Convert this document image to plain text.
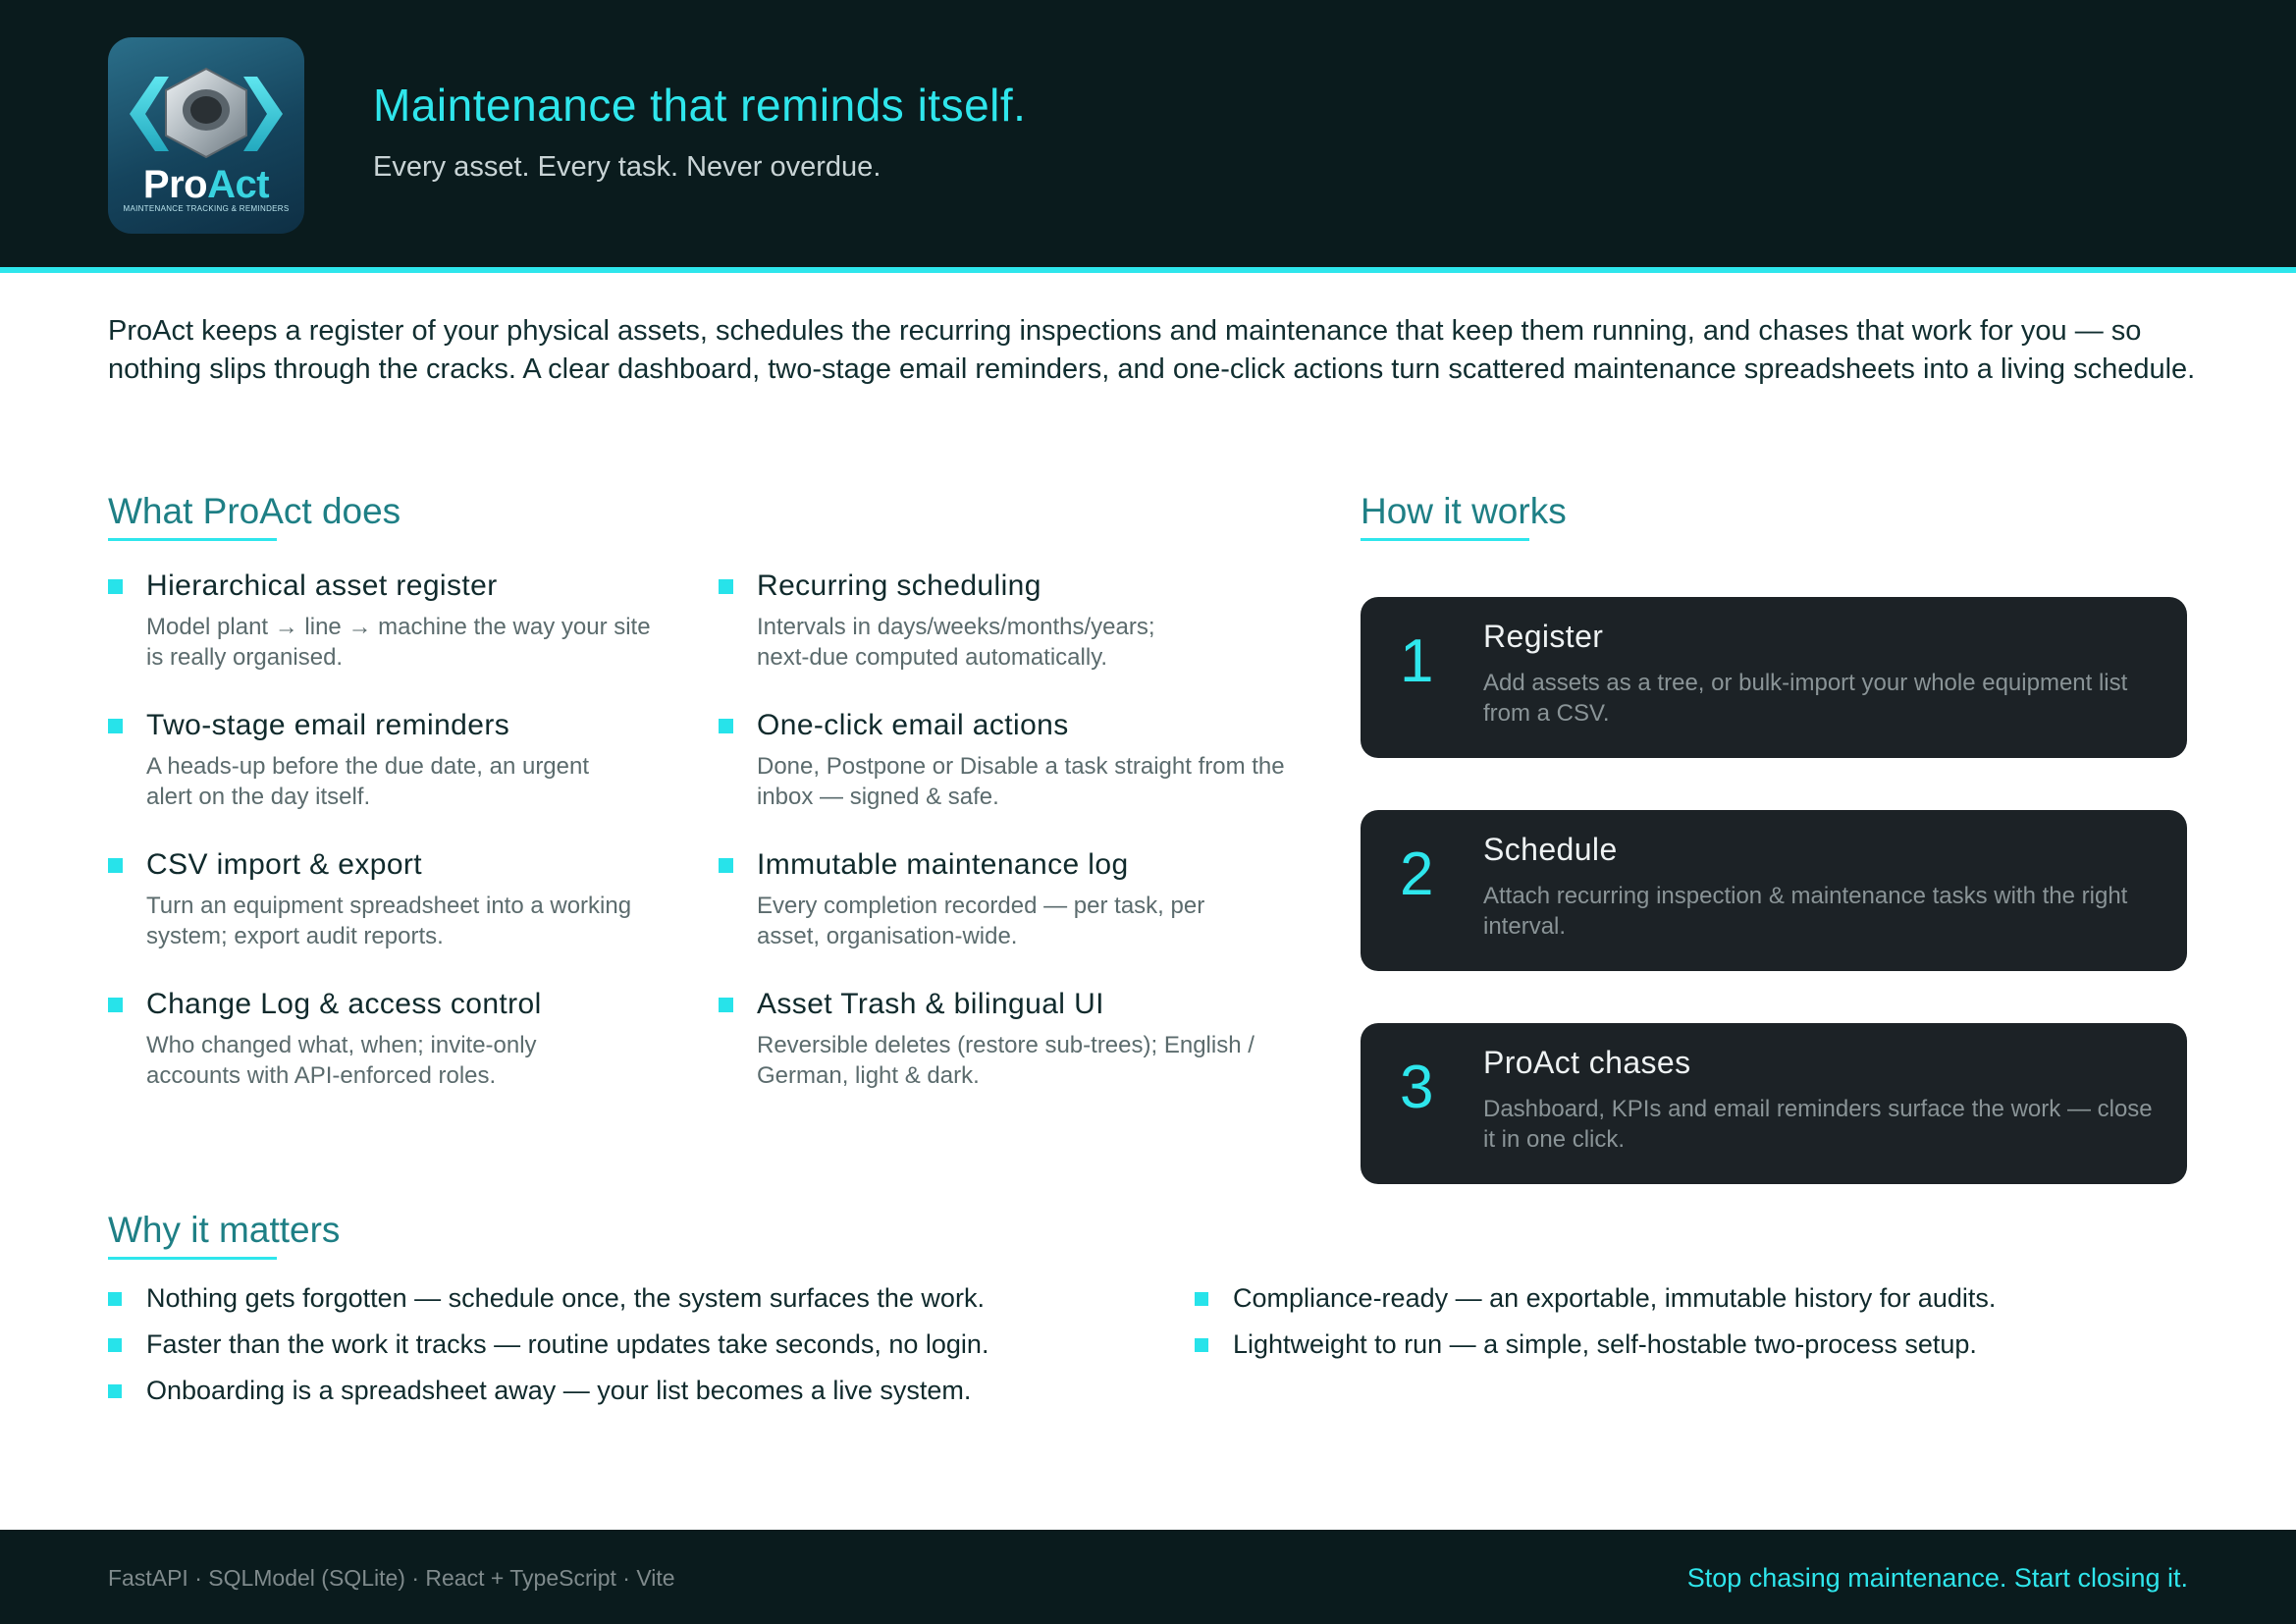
ProAct
MAINTENANCE TRACKING & REMINDERS
Maintenance that reminds itself.
Every asset. Every task. Never overdue.
ProAct keeps a register of your physical assets, schedules the recurring inspections and maintenance that keep them running, and chases that work for you — so nothing slips through the cracks. A clear dashboard, two-stage email reminders, and one-click actions turn scattered maintenance spreadsheets into a living schedule.
What ProAct does
Hierarchical asset register
Model plant → line → machine the way your site is really organised.
Recurring scheduling
Intervals in days/weeks/months/years; next-due computed automatically.
Two-stage email reminders
A heads-up before the due date, an urgent alert on the day itself.
One-click email actions
Done, Postpone or Disable a task straight from the inbox — signed & safe.
CSV import & export
Turn an equipment spreadsheet into a working system; export audit reports.
Immutable maintenance log
Every completion recorded — per task, per asset, organisation-wide.
Change Log & access control
Who changed what, when; invite-only accounts with API-enforced roles.
Asset Trash & bilingual UI
Reversible deletes (restore sub-trees); English / German, light & dark.
How it works
1 Register
Add assets as a tree, or bulk-import your whole equipment list from a CSV.
2 Schedule
Attach recurring inspection & maintenance tasks with the right interval.
3 ProAct chases
Dashboard, KPIs and email reminders surface the work — close it in one click.
Why it matters
Nothing gets forgotten — schedule once, the system surfaces the work.
Faster than the work it tracks — routine updates take seconds, no login.
Onboarding is a spreadsheet away — your list becomes a live system.
Compliance-ready — an exportable, immutable history for audits.
Lightweight to run — a simple, self-hostable two-process setup.
FastAPI · SQLModel (SQLite) · React + TypeScript · Vite	Stop chasing maintenance. Start closing it.
